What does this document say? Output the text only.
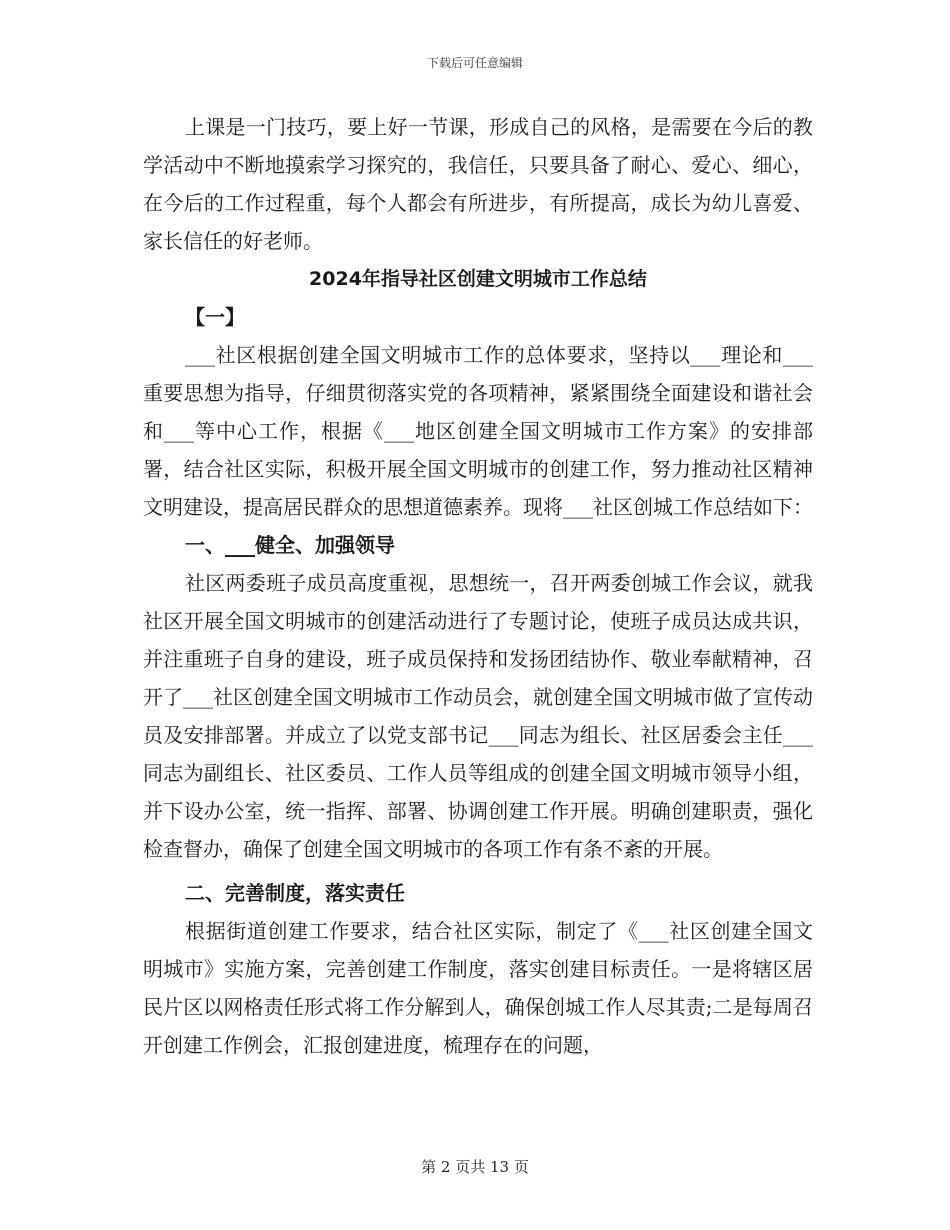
下载后可任意编辑

上课是一门技巧，要上好一节课，形成自己的风格，是需要在今后的教学活动中不断地摸索学习探究的，我信任，只要具备了耐心、爱心、细心，在今后的工作过程重，每个人都会有所进步，有所提高，成长为幼儿喜爱、家长信任的好老师。

2024年指导社区创建文明城市工作总结

【一】

___社区根据创建全国文明城市工作的总体要求，坚持以___理论和___重要思想为指导，仔细贯彻落实党的各项精神，紧紧围绕全面建设和谐社会和___等中心工作，根据《___地区创建全国文明城市工作方案》的安排部署，结合社区实际，积极开展全国文明城市的创建工作，努力推动社区精神文明建设，提高居民群众的思想道德素养。现将___社区创城工作总结如下：

一、___健全、加强领导

社区两委班子成员高度重视，思想统一，召开两委创城工作会议，就我社区开展全国文明城市的创建活动进行了专题讨论，使班子成员达成共识，并注重班子自身的建设，班子成员保持和发扬团结协作、敬业奉献精神，召开了___社区创建全国文明城市工作动员会，就创建全国文明城市做了宣传动员及安排部署。并成立了以党支部书记___同志为组长、社区居委会主任___同志为副组长、社区委员、工作人员等组成的创建全国文明城市领导小组，并下设办公室，统一指挥、部署、协调创建工作开展。明确创建职责，强化检查督办，确保了创建全国文明城市的各项工作有条不紊的开展。

二、完善制度，落实责任

根据街道创建工作要求，结合社区实际，制定了《___社区创建全国文明城市》实施方案，完善创建工作制度，落实创建目标责任。一是将辖区居民片区以网格责任形式将工作分解到人，确保创城工作人尽其责;二是每周召开创建工作例会，汇报创建进度，梳理存在的问题，

第 2 页共 13 页
